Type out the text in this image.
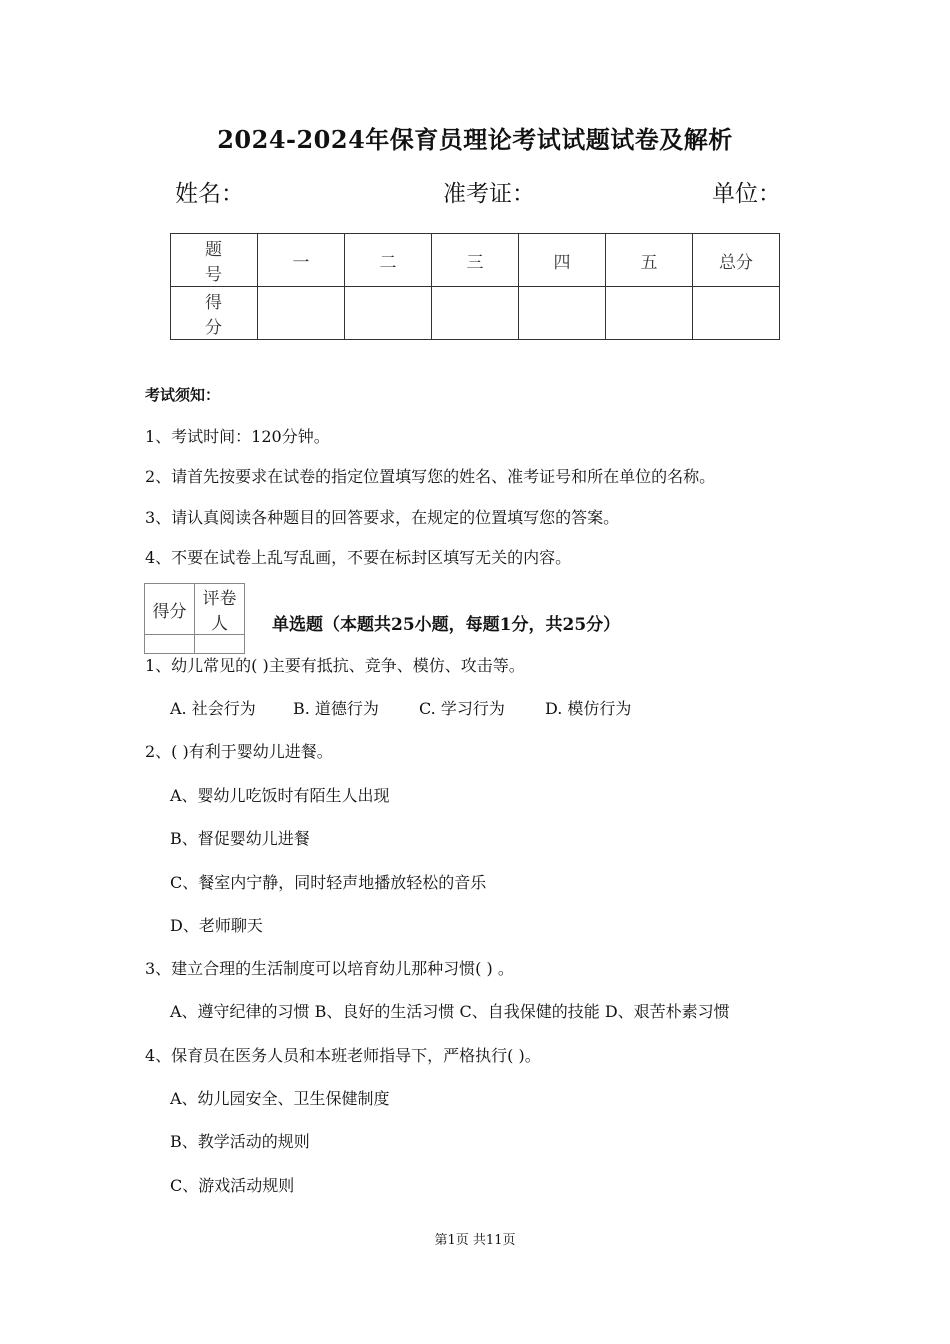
2024-2024年保育员理论考试试题试卷及解析
姓名：	准考证：	单位：
题 号	一	二	三	四	五	总分
得 分						
考试须知：
1、考试时间：120分钟。
2、请首先按要求在试卷的指定位置填写您的姓名、准考证号和所在单位的名称。
3、请认真阅读各种题目的回答要求，在规定的位置填写您的答案。
4、不要在试卷上乱写乱画，不要在标封区填写无关的内容。
得分	评卷人
		单选题（本题共25小题，每题1分，共25分）
1、幼儿常见的( )主要有抵抗、竞争、模仿、攻击等。
A. 社会行为 B. 道德行为	C. 学习行为	D. 模仿行为
2、( )有利于婴幼儿进餐。
A、婴幼儿吃饭时有陌生人出现
B、督促婴幼儿进餐
C、餐室内宁静，同时轻声地播放轻松的音乐
D、老师聊天
3、建立合理的生活制度可以培育幼儿那种习惯( ) 。
A、遵守纪律的习惯 B、良好的生活习惯 C、自我保健的技能 D、艰苦朴素习惯
4、保育员在医务人员和本班老师指导下，严格执行( )。
A、幼儿园安全、卫生保健制度
B、教学活动的规则
C、游戏活动规则
第1页 共11页
